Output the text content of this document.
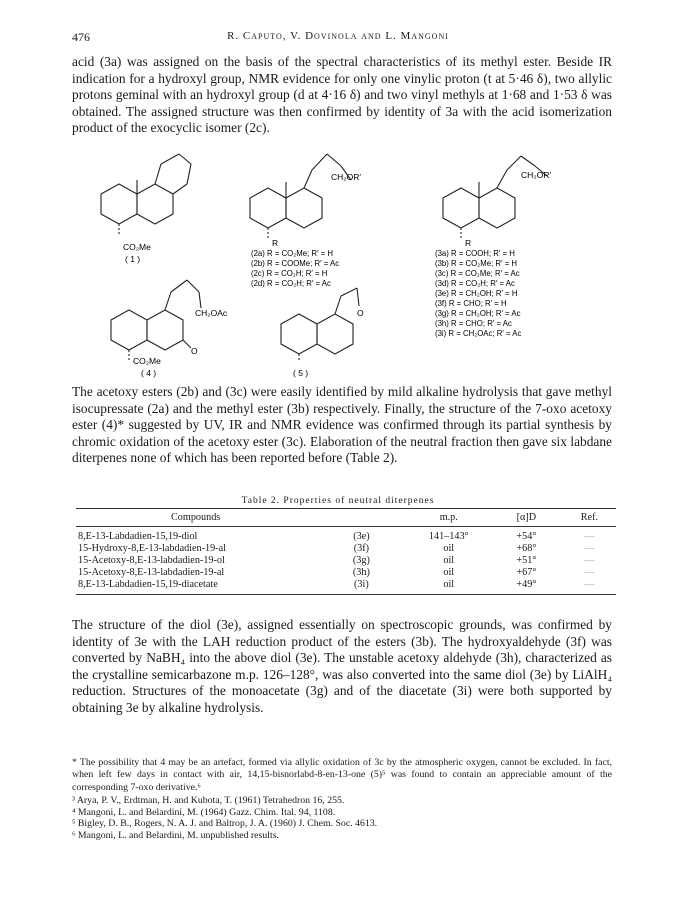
476	R. Caputo, V. Dovinola and L. Mangoni

acid (3a) was assigned on the basis of the spectral characteristics of its methyl ester. Beside IR indication for a hydroxyl group, NMR evidence for only one vinylic proton (t at 5·46 δ), two allylic protons geminal with an hydroxyl group (d at 4·16 δ) and two vinyl methyls at 1·68 and 1·53 δ was obtained. The assigned structure was then confirmed by identity of 3a with the acid isomerization product of the exocyclic isomer (2c).

CO₂Me
( 1 )
CH₂OR′
R
CH₂OR′
R
(2a) R = CO₂Me; R′ = H
(2b) R = COOMe; R′ = Ac
(2c) R = CO₂H; R′ = H
(2d) R = CO₂H; R′ = Ac
(3a) R = COOH; R′ = H
(3b) R = CO₂Me; R′ = H
(3c) R = CO₂Me; R′ = Ac
(3d) R = CO₂H; R′ = Ac
(3e) R = CH₂OH; R′ = H
(3f) R = CHO; R′ = H
(3g) R = CH₂OH; R′ = Ac
(3h) R = CHO; R′ = Ac
(3i) R = CH₂OAc; R′ = Ac
CH₂OAc
O
CO₂Me
( 4 )
O
( 5 )

The acetoxy esters (2b) and (3c) were easily identified by mild alkaline hydrolysis that gave methyl isocupressate (2a) and the methyl ester (3b) respectively. Finally, the structure of the 7-oxo acetoxy ester (4)* suggested by UV, IR and NMR evidence was confirmed through its partial synthesis by chromic oxidation of the acetoxy ester (3c). Elaboration of the neutral fraction then gave six labdane diterpenes none of which has been reported before (Table 2).

Table 2. Properties of neutral diterpenes
Compounds		m.p.	[α]D	Ref.
8,E-13-Labdadien-15,19-diol	(3e)	141–143°	+54°	—
15-Hydroxy-8,E-13-labdadien-19-al	(3f)	oil	+68°	—
15-Acetoxy-8,E-13-labdadien-19-ol	(3g)	oil	+51°	—
15-Acetoxy-8,E-13-labdadien-19-al	(3h)	oil	+67°	—
8,E-13-Labdadien-15,19-diacetate	(3i)	oil	+49°	—

The structure of the diol (3e), assigned essentially on spectroscopic grounds, was confirmed by identity of 3e with the LAH reduction product of the esters (3b). The hydroxyaldehyde (3f) was converted by NaBH₄ into the above diol (3e). The unstable acetoxy aldehyde (3h), characterized as the crystalline semicarbazone m.p. 126–128°, was also converted into the same diol (3e) by LiAlH₄ reduction. Structures of the monoacetate (3g) and of the diacetate (3i) were both supported by obtaining 3e by alkaline hydrolysis.

* The possibility that 4 may be an artefact, formed via allylic oxidation of 3c by the atmospheric oxygen, cannot be excluded. In fact, when left few days in contact with air, 14,15-bisnorlabd-8-en-13-one (5)⁵ was found to contain an appreciable amount of the corresponding 7-oxo derivative.⁶

³ Arya, P. V., Erdtman, H. and Kubota, T. (1961) Tetrahedron 16, 255.
⁴ Mangoni, L. and Belardini, M. (1964) Gazz. Chim. Ital. 94, 1108.
⁵ Bigley, D. B., Rogers, N. A. J. and Baltrop, J. A. (1960) J. Chem. Soc. 4613.
⁶ Mangoni, L. and Belardini, M. unpublished results.
